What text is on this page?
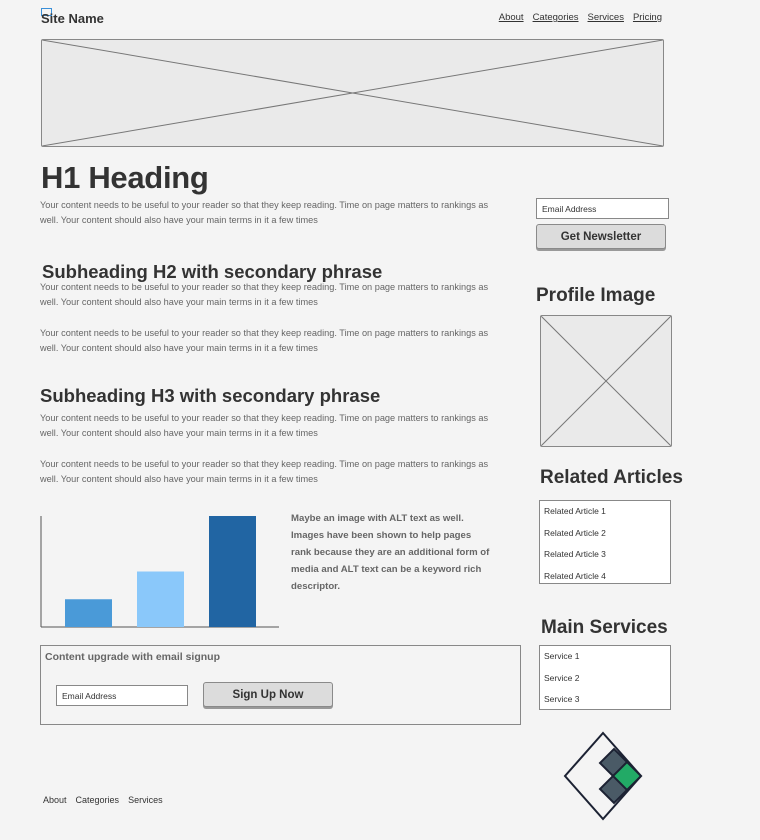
Site Name	About Categories Services Pricing
H1 Heading
Your content needs to be useful to your reader so that they keep reading. Time on page matters to rankings as well. Your content should also have your main terms in it a few times
Subheading H2 with secondary phrase
Your content needs to be useful to your reader so that they keep reading. Time on page matters to rankings as well. Your content should also have your main terms in it a few times
Your content needs to be useful to your reader so that they keep reading. Time on page matters to rankings as well. Your content should also have your main terms in it a few times
Subheading H3 with secondary phrase
Your content needs to be useful to your reader so that they keep reading. Time on page matters to rankings as well. Your content should also have your main terms in it a few times
Your content needs to be useful to your reader so that they keep reading. Time on page matters to rankings as well. Your content should also have your main terms in it a few times
Maybe an image with ALT text as well. Images have been shown to help pages rank because they are an additional form of media and ALT text can be a keyword rich descriptor.
Content upgrade with email signup
Email Address	Sign Up Now
Email Address
Get Newsletter
Profile Image
Related Articles
Related Article 1
Related Article 2
Related Article 3
Related Article 4
Main Services
Service 1
Service 2
Service 3
About Categories Services
